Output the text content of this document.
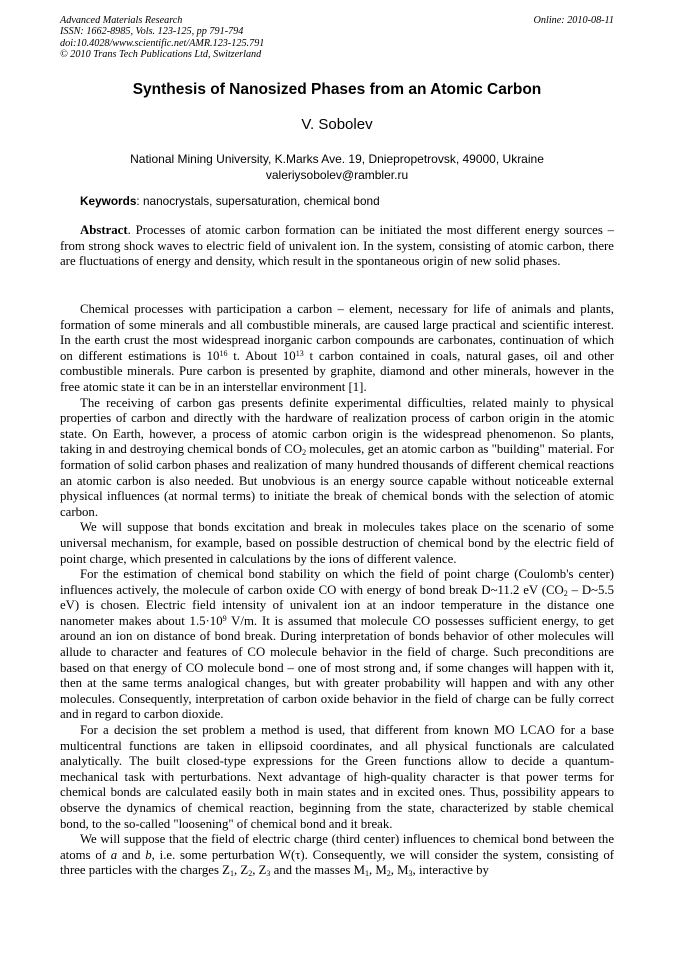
Advanced Materials Research
ISSN: 1662-8985, Vols. 123-125, pp 791-794
doi:10.4028/www.scientific.net/AMR.123-125.791
© 2010 Trans Tech Publications Ltd, Switzerland
Online: 2010-08-11
Synthesis of Nanosized Phases from an Atomic Carbon
V. Sobolev
National Mining University, K.Marks Ave. 19, Dniepropetrovsk, 49000, Ukraine
valeriysobolev@rambler.ru
Keywords: nanocrystals, supersaturation, chemical bond

Abstract. Processes of atomic carbon formation can be initiated the most different energy sources – from strong shock waves to electric field of univalent ion. In the system, consisting of atomic carbon, there are fluctuations of energy and density, which result in the spontaneous origin of new solid phases.

Chemical processes with participation a carbon – element, necessary for life of animals and plants, formation of some minerals and all combustible minerals, are caused large practical and scientific interest. In the earth crust the most widespread inorganic carbon compounds are carbonates, continuation of which on different estimations is $10^{16}$ t. About $10^{13}$ t carbon contained in coals, natural gases, oil and other combustible minerals. Pure carbon is presented by graphite, diamond and other minerals, however in the free atomic state it can be in an interstellar environment [1].

The receiving of carbon gas presents definite experimental difficulties, related mainly to physical properties of carbon and directly with the hardware of realization process of carbon origin in the atomic state. On Earth, however, a process of atomic carbon origin is the widespread phenomenon. So plants, taking in and destroying chemical bonds of $CO_2$ molecules, get an atomic carbon as "building" material. For formation of solid carbon phases and realization of many hundred thousands of different chemical reactions an atomic carbon is also needed. But unobvious is an energy source capable without noticeable external physical influences (at normal terms) to initiate the break of chemical bonds with the selection of atomic carbon.

We will suppose that bonds excitation and break in molecules takes place on the scenario of some universal mechanism, for example, based on possible destruction of chemical bond by the electric field of point charge, which presented in calculations by the ions of different valence.

For the estimation of chemical bond stability on which the field of point charge (Coulomb's center) influences actively, the molecule of carbon oxide CO with energy of bond break D~11.2 eV ($CO_2$ – D~5.5 eV) is chosen. Electric field intensity of univalent ion at an indoor temperature in the distance one nanometer makes about $1.5\cdot 10^9$ V/m. It is assumed that molecule CO possesses sufficient energy, to get around an ion on distance of bond break. During interpretation of bonds behavior of other molecules will allude to character and features of CO molecule behavior in the field of charge. Such preconditions are based on that energy of CO molecule bond – one of most strong and, if some changes will happen with it, then at the same terms analogical changes, but with greater probability will happen and with any other molecules. Consequently, interpretation of carbon oxide behavior in the field of charge can be fully correct and in regard to carbon dioxide.

For a decision the set problem a method is used, that different from known MO LCAO for a base multicentral functions are taken in ellipsoid coordinates, and all physical functionals are calculated analytically. The built closed-type expressions for the Green functions allow to decide a quantum-mechanical task with perturbations. Next advantage of high-quality character is that power terms for chemical bonds are calculated easily both in main states and in excited ones. Thus, possibility appears to observe the dynamics of chemical reaction, beginning from the state, characterized by stable chemical bond, to the so-called "loosening" of chemical bond and it break.

We will suppose that the field of electric charge (third center) influences to chemical bond between the atoms of a and b, i.e. some perturbation W(τ). Consequently, we will consider the system, consisting of three particles with the charges $Z_1$, $Z_2$, $Z_3$ and the masses $M_1$, $M_2$, $M_3$, interactive by
